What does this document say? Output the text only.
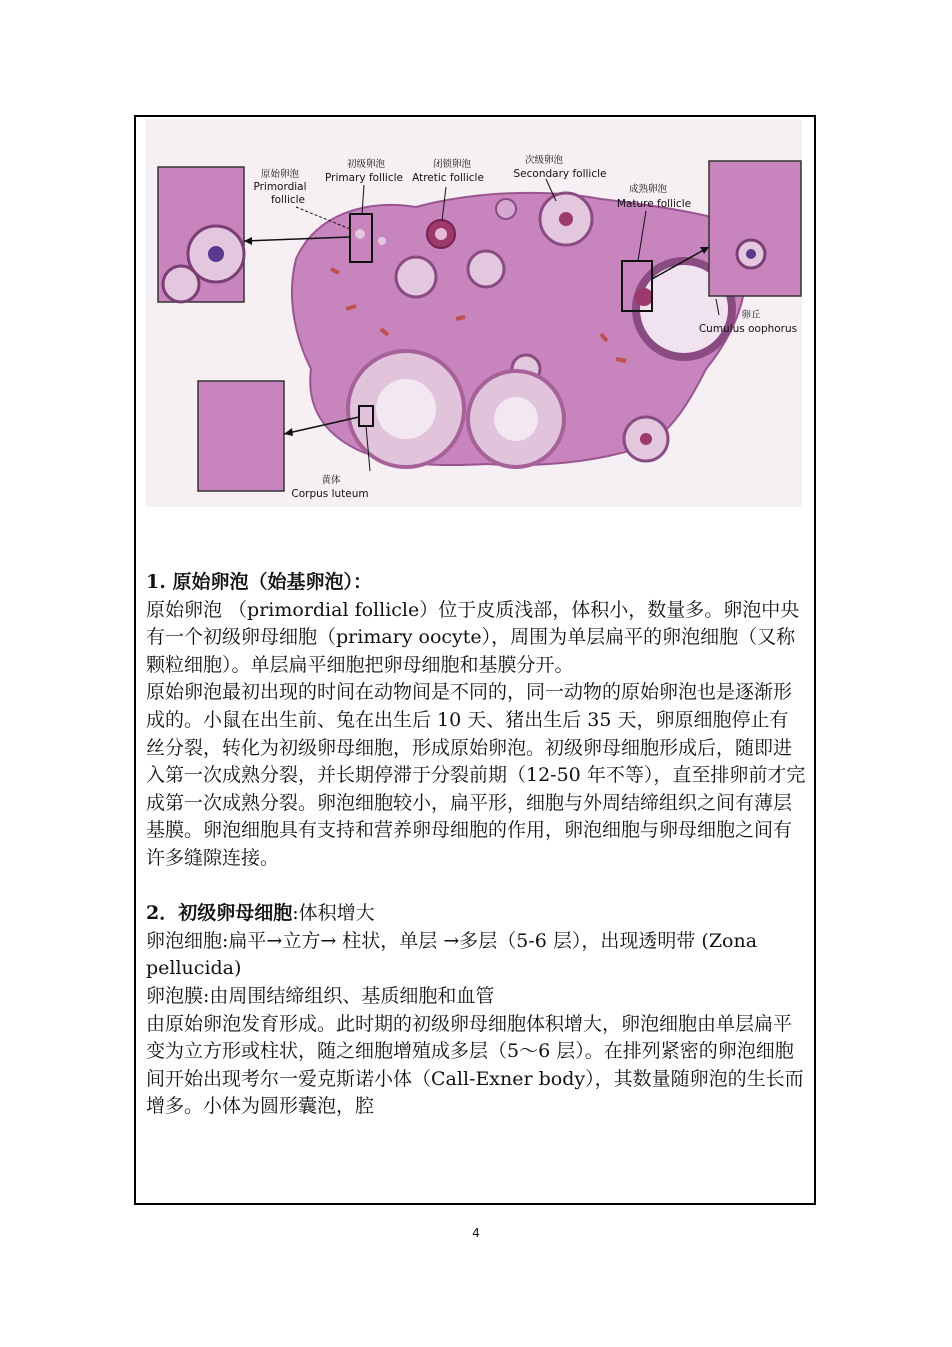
原始卵泡
Primordial
follicle
初级卵泡
Primary follicle
闭锁卵泡
Atretic follicle
次级卵泡
Secondary follicle
成熟卵泡
Mature follicle
卵丘
Cumulus oophorus
黄体
Corpus luteum
1. 原始卵泡（始基卵泡）：

原始卵泡 （primordial follicle）位于皮质浅部，体积小，数量多。卵泡中央有一个初级卵母细胞（primary oocyte），周围为单层扁平的卵泡细胞（又称颗粒细胞）。单层扁平细胞把卵母细胞和基膜分开。

原始卵泡最初出现的时间在动物间是不同的，同一动物的原始卵泡也是逐渐形成的。小鼠在出生前、兔在出生后 10 天、猪出生后 35 天，卵原细胞停止有丝分裂，转化为初级卵母细胞，形成原始卵泡。初级卵母细胞形成后，随即进入第一次成熟分裂，并长期停滞于分裂前期（12-50 年不等），直至排卵前才完成第一次成熟分裂。卵泡细胞较小，扁平形，细胞与外周结缔组织之间有薄层基膜。卵泡细胞具有支持和营养卵母细胞的作用，卵泡细胞与卵母细胞之间有许多缝隙连接。

2．初级卵母细胞:体积增大

卵泡细胞:扁平→立方→ 柱状，单层 →多层（5-6 层），出现透明带 (Zona pellucida)

卵泡膜:由周围结缔组织、基质细胞和血管

由原始卵泡发育形成。此时期的初级卵母细胞体积增大，卵泡细胞由单层扁平变为立方形或柱状，随之细胞增殖成多层（5～6 层）。在排列紧密的卵泡细胞间开始出现考尔一爱克斯诺小体（Call-Exner body），其数量随卵泡的生长而增多。小体为圆形囊泡，腔

4
